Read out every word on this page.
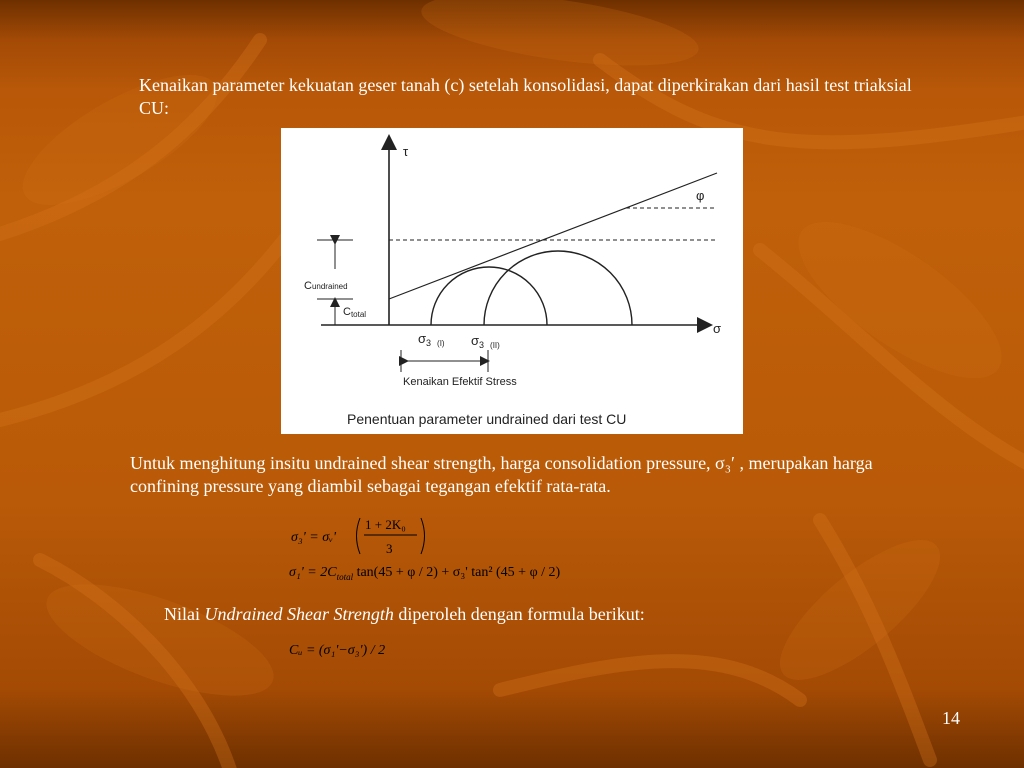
Kenaikan parameter kekuatan geser tanah (c) setelah konsolidasi, dapat diperkirakan dari hasil test triaksial CU:
τ
σ
φ
Cundrained
Ctotal
$\sigma_3$ (I) $\sigma_3$ (II)
Kenaikan Efektif Stress
Penentuan parameter undrained dari test CU
Untuk menghitung insitu undrained shear strength, harga consolidation pressure, σ₃′ , merupakan harga confining pressure yang diambil sebagai tegangan efektif rata-rata.
σ₃' = σᵥ'
1 + 2K₀
3
$\sigma_1' = 2C_{total}$ tan(45 + φ / 2) + σ₃' tan² (45 + φ / 2)
Nilai Undrained Shear Strength diperoleh dengan formula berikut:
Cᵤ = (σ₁'−σ₃') / 2
14
